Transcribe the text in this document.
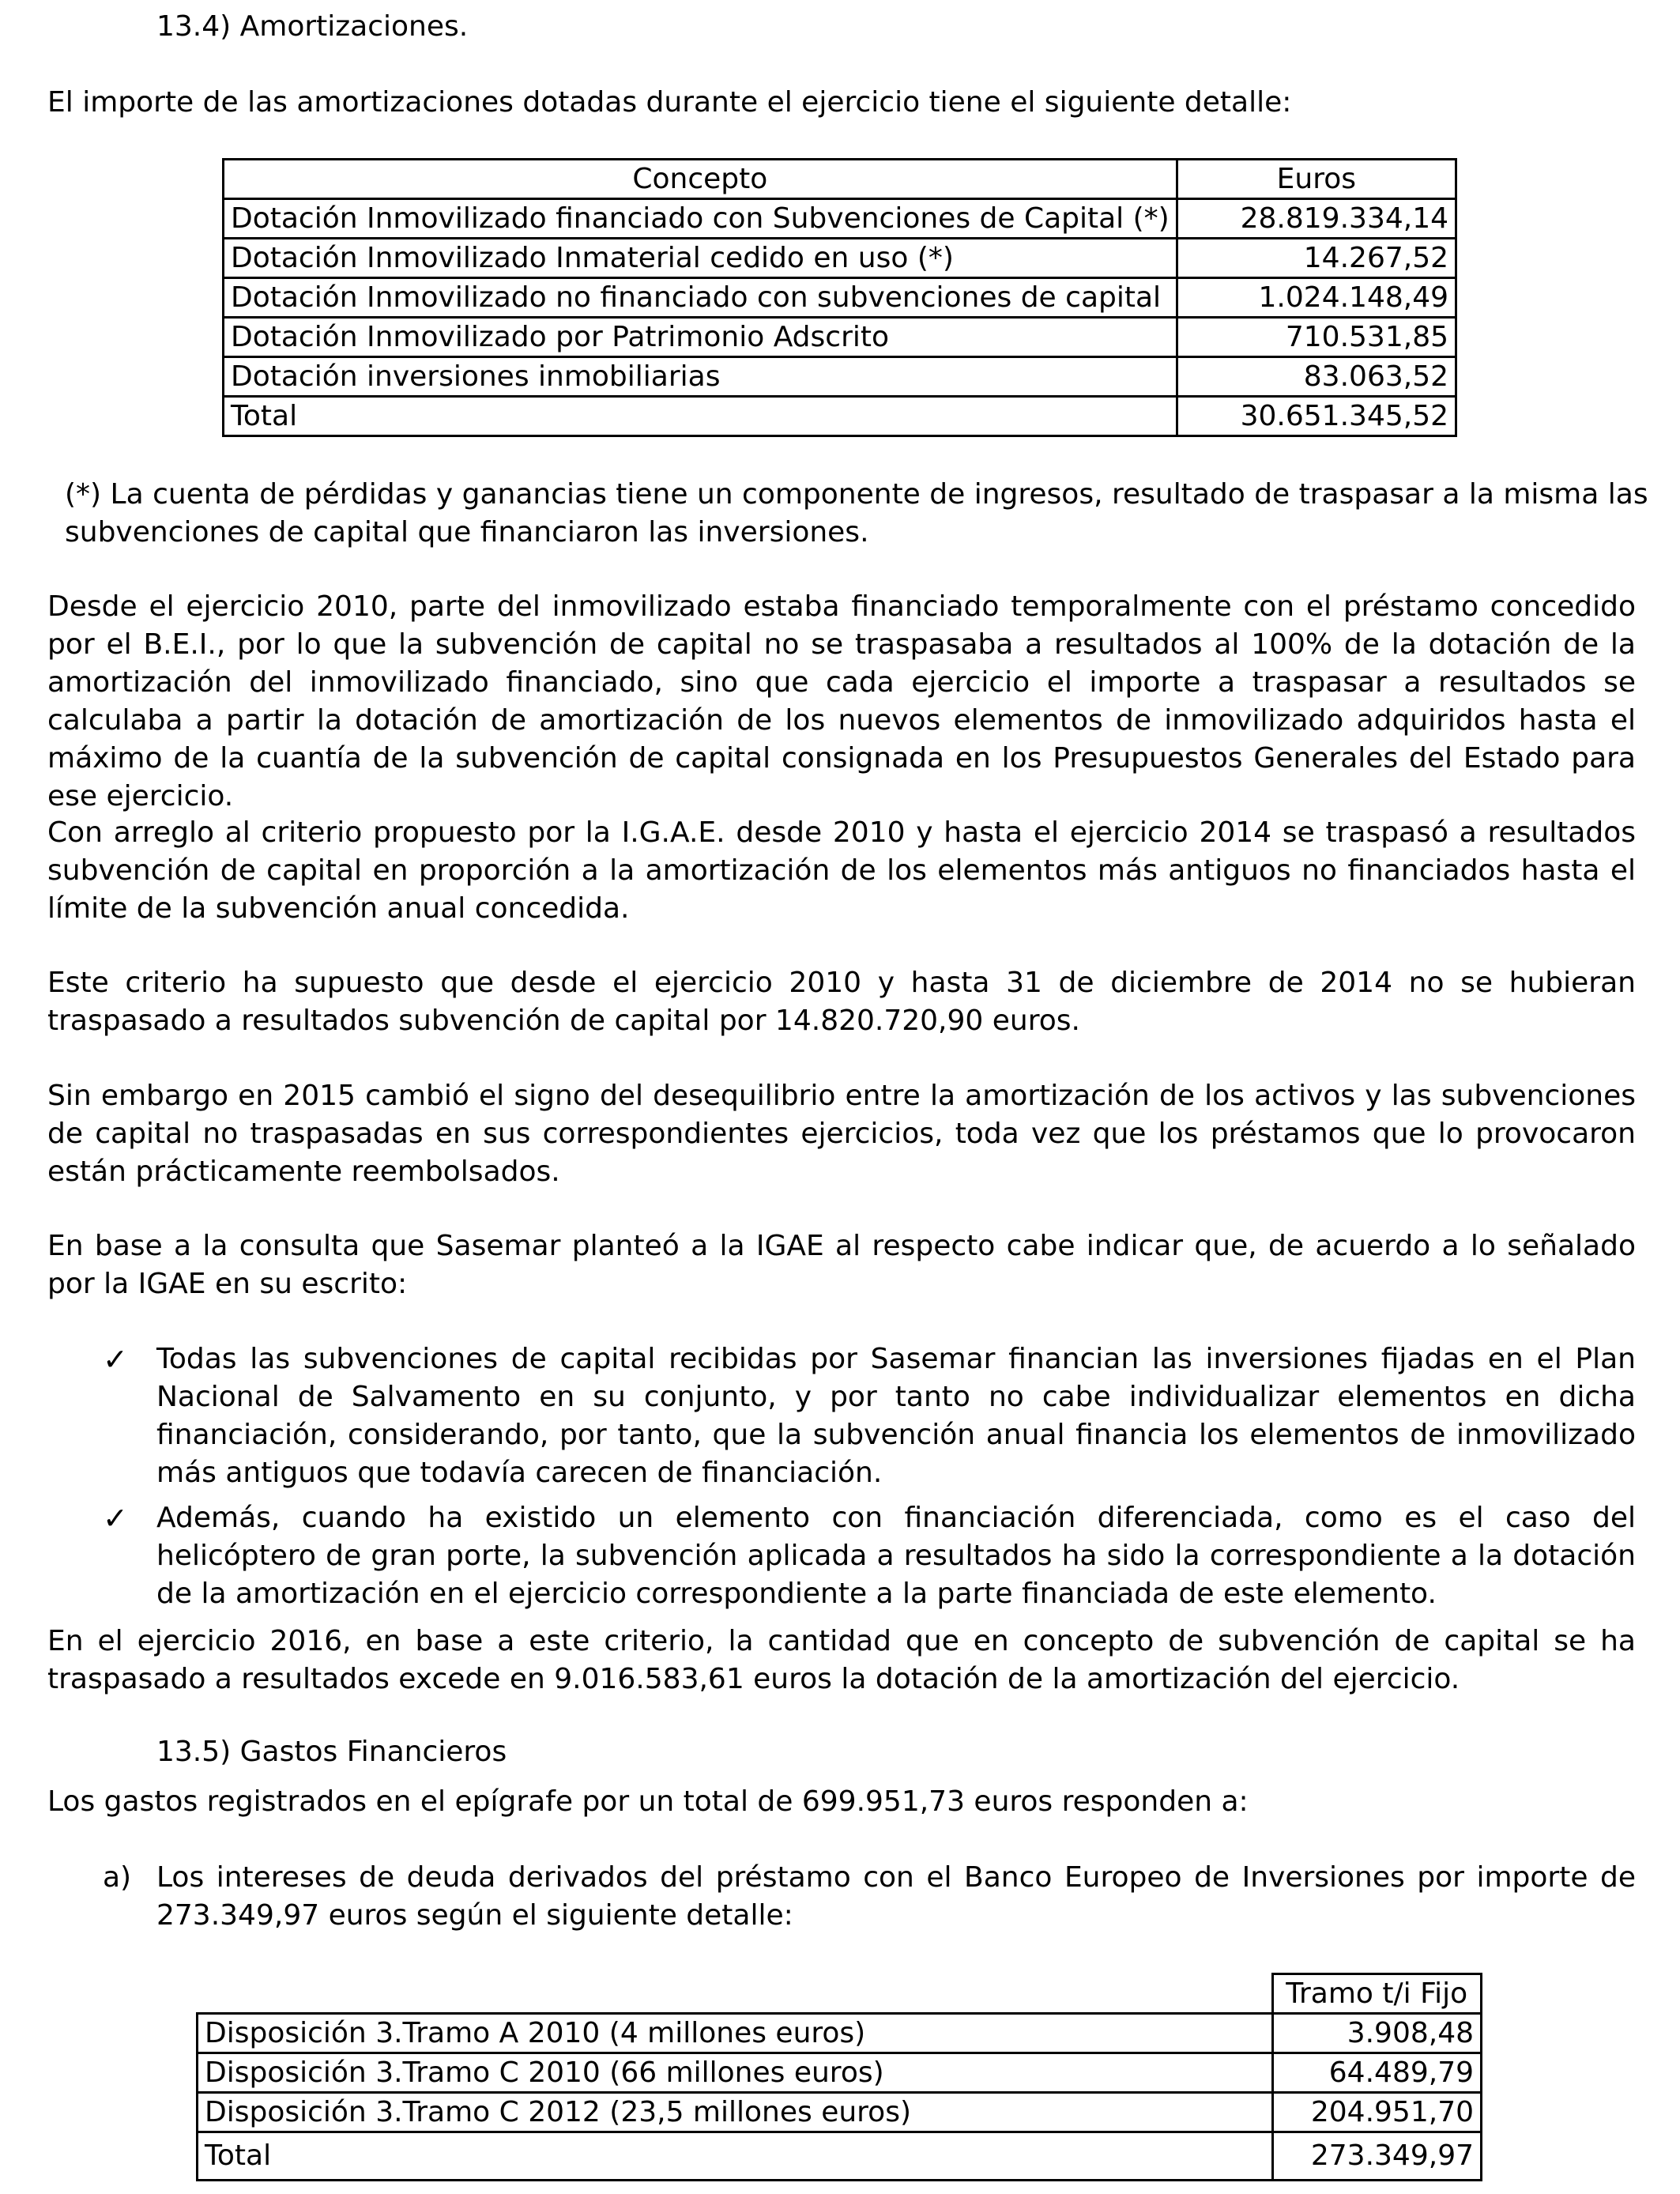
13.4) Amortizaciones.
El importe de las amortizaciones dotadas durante el ejercicio tiene el siguiente detalle:
Concepto	Euros
Dotación Inmovilizado financiado con Subvenciones de Capital (*)	28.819.334,14
Dotación Inmovilizado Inmaterial cedido en uso (*)	14.267,52
Dotación Inmovilizado no financiado con subvenciones de capital	1.024.148,49
Dotación Inmovilizado por Patrimonio Adscrito	710.531,85
Dotación inversiones inmobiliarias	83.063,52
Total	30.651.345,52
(*) La cuenta de pérdidas y ganancias tiene un componente de ingresos, resultado de traspasar a la misma las
subvenciones de capital que financiaron las inversiones.
Desde el ejercicio 2010, parte del inmovilizado estaba financiado temporalmente con el préstamo concedido por el B.E.I., por lo que la subvención de capital no se traspasaba a resultados al 100% de la dotación de la amortización del inmovilizado financiado, sino que cada ejercicio el importe a traspasar a resultados se calculaba a partir la dotación de amortización de los nuevos elementos de inmovilizado adquiridos hasta el máximo de la cuantía de la subvención de capital consignada en los Presupuestos Generales del Estado para ese ejercicio.
Con arreglo al criterio propuesto por la I.G.A.E. desde 2010 y hasta el ejercicio 2014 se traspasó a resultados subvención de capital en proporción a la amortización de los elementos más antiguos no financiados hasta el límite de la subvención anual concedida.
Este criterio ha supuesto que desde el ejercicio 2010 y hasta 31 de diciembre de 2014 no se hubieran traspasado a resultados subvención de capital por 14.820.720,90 euros.
Sin embargo en 2015 cambió el signo del desequilibrio entre la amortización de los activos y las subvenciones de capital no traspasadas en sus correspondientes ejercicios, toda vez que los préstamos que lo provocaron están prácticamente reembolsados.
En base a la consulta que Sasemar planteó a la IGAE al respecto cabe indicar que, de acuerdo a lo señalado por la IGAE en su escrito:
✓ Todas las subvenciones de capital recibidas por Sasemar financian las inversiones fijadas en el Plan Nacional de Salvamento en su conjunto, y por tanto no cabe individualizar elementos en dicha financiación, considerando, por tanto, que la subvención anual financia los elementos de inmovilizado más antiguos que todavía carecen de financiación.
✓ Además, cuando ha existido un elemento con financiación diferenciada, como es el caso del helicóptero de gran porte, la subvención aplicada a resultados ha sido la correspondiente a la dotación de la amortización en el ejercicio correspondiente a la parte financiada de este elemento.
En el ejercicio 2016, en base a este criterio, la cantidad que en concepto de subvención de capital se ha traspasado a resultados excede en 9.016.583,61 euros la dotación de la amortización del ejercicio.
13.5) Gastos Financieros
Los gastos registrados en el epígrafe por un total de 699.951,73 euros responden a:
a) Los intereses de deuda derivados del préstamo con el Banco Europeo de Inversiones por importe de 273.349,97 euros según el siguiente detalle:
	Tramo t/i Fijo
Disposición 3.Tramo A 2010 (4 millones euros)	3.908,48
Disposición 3.Tramo C 2010 (66 millones euros)	64.489,79
Disposición 3.Tramo C 2012 (23,5 millones euros)	204.951,70
Total	273.349,97
